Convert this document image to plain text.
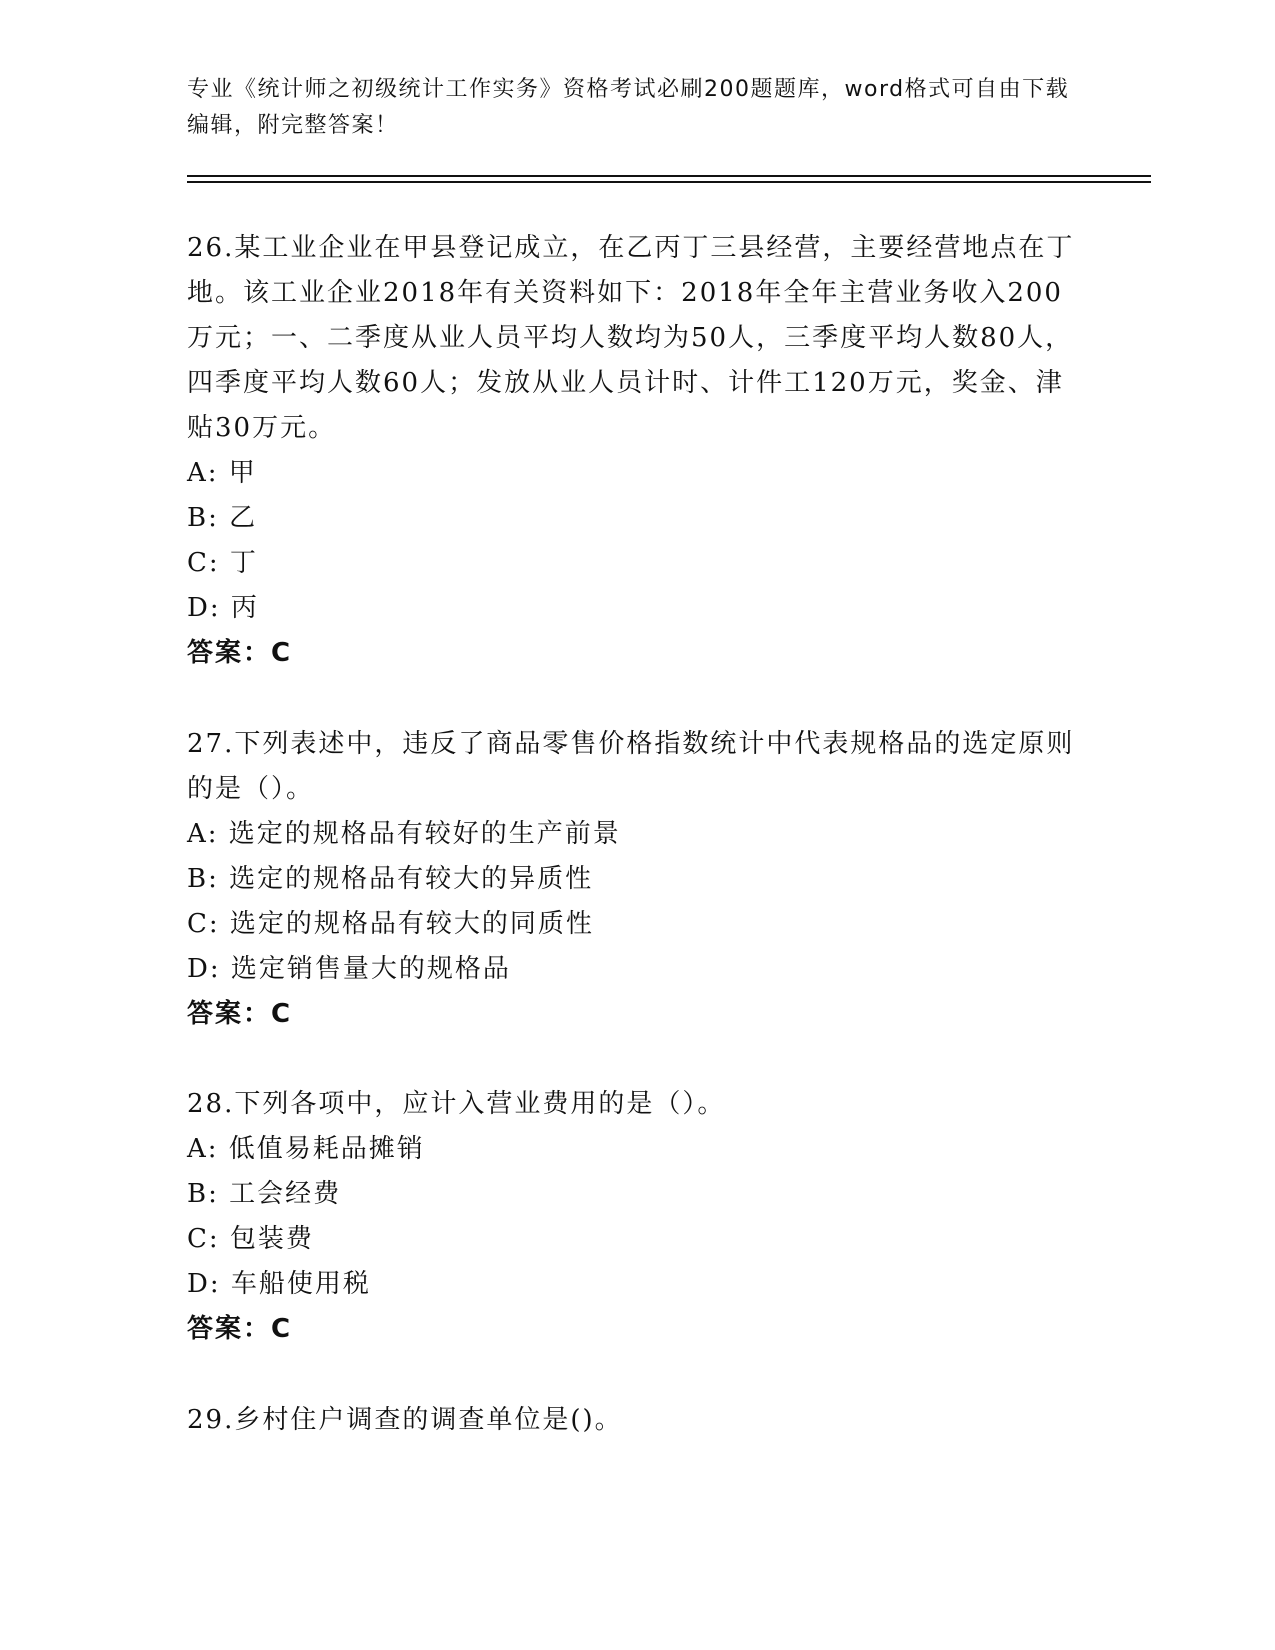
专业《统计师之初级统计工作实务》资格考试必刷200题题库，word格式可自由下载编辑，附完整答案！
26.某工业企业在甲县登记成立，在乙丙丁三县经营，主要经营地点在丁地。该工业企业2018年有关资料如下：2018年全年主营业务收入200万元；一、二季度从业人员平均人数均为50人，三季度平均人数80人，四季度平均人数60人；发放从业人员计时、计件工120万元，奖金、津贴30万元。
A: 甲
B: 乙
C: 丁
D: 丙
答案：C
27.下列表述中，违反了商品零售价格指数统计中代表规格品的选定原则的是（）。
A: 选定的规格品有较好的生产前景
B: 选定的规格品有较大的异质性
C: 选定的规格品有较大的同质性
D: 选定销售量大的规格品
答案：C
28.下列各项中，应计入营业费用的是（）。
A: 低值易耗品摊销
B: 工会经费
C: 包装费
D: 车船使用税
答案：C
29.乡村住户调查的调查单位是()。
